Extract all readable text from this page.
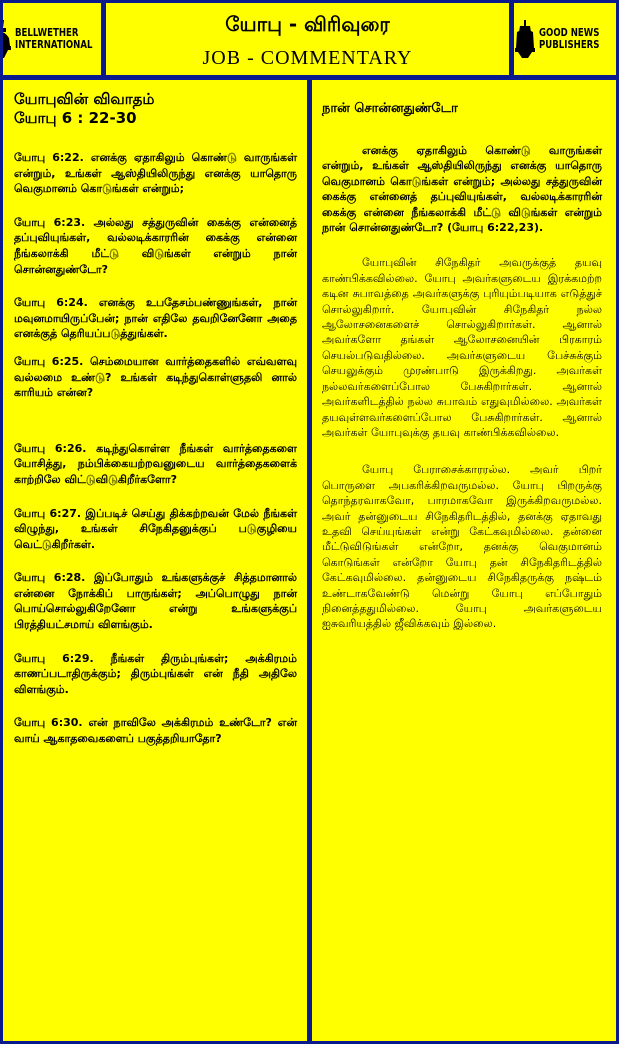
BELLWETHER
INTERNATIONAL
யோபு - விரிவுரை
JOB - COMMENTARY
GOOD NEWS
PUBLISHERS
யோபுவின் விவாதம்
யோபு 6 : 22-30

யோபு 6:22. எனக்கு ஏதாகிலும் கொண்டு வாருங்கள் என்றும், உங்கள் ஆஸ்தியிலிருந்து எனக்கு யாதொரு வெகுமானம் கொடுங்கள் என்றும்;

யோபு 6:23. அல்லது சத்துருவின் கைக்கு என்னைத் தப்புவியுங்கள், வல்லடிக்காரரின் கைக்கு என்னை நீங்கலாக்கி மீட்டு விடுங்கள் என்றும் நான் சொன்னதுண்டோ?

யோபு 6:24. எனக்கு உபதேசம்பண்ணுங்கள், நான் மவுனமாயிருப்பேன்; நான் எதிலே தவறினேனோ அதை எனக்குத் தெரியப்படுத்துங்கள்.

யோபு 6:25. செம்மையான வார்த்தைகளில் எவ்வளவு வல்லமை உண்டு? உங்கள் கடிந்துகொள்ளுதலி னால் காரியம் என்ன?

யோபு 6:26. கடிந்துகொள்ள நீங்கள் வார்த்தைகளை யோசித்து, நம்பிக்கையற்றவனுடைய வார்த்தைகளைக் காற்றிலே விட்டுவிடுகிறீர்களோ?

யோபு 6:27. இப்படிச் செய்து திக்கற்றவன் மேல் நீங்கள் விழுந்து, உங்கள் சிநேகிதனுக்குப் படுகுழியை வெட்டுகிறீர்கள்.

யோபு 6:28. இப்போதும் உங்களுக்குச் சித்தமானால் என்னை நோக்கிப் பாருங்கள்; அப்பொழுது நான் பொய்சொல்லுகிறேனோ என்று உங்களுக்குப் பிரத்தியட்சமாய் விளங்கும்.

யோபு 6:29. நீங்கள் திரும்புங்கள்; அக்கிரமம் காணப்படாதிருக்கும்; திரும்புங்கள் என் நீதி அதிலே விளங்கும்.

யோபு 6:30. என் நாவிலே அக்கிரமம் உண்டோ? என் வாய் ஆகாதவைகளைப் பகுத்தறியாதோ?

நான் சொன்னதுண்டோ

எனக்கு ஏதாகிலும் கொண்டு வாருங்கள் என்றும், உங்கள் ஆஸ்தியிலிருந்து எனக்கு யாதொரு வெகுமானம் கொடுங்கள் என்றும்; அல்லது சத்துருவின் கைக்கு என்னைத் தப்புவியுங்கள், வல்லடிக்காரரின் கைக்கு என்னை நீங்கலாக்கி மீட்டு விடுங்கள் என்றும் நான் சொன்னதுண்டோ? (யோபு 6:22,23).

யோபுவின் சிநேகிதர் அவருக்குத் தயவு காண்பிக்கவில்லை. யோபு அவர்களுடைய இரக்கமற்ற கடின சுபாவத்தை அவர்களுக்கு புரியும்படியாக எடுத்துச் சொல்லுகிறார். யோபுவின் சிநேகிதர் நல்ல ஆலோசனைகளைச் சொல்லுகிறார்கள். ஆனால் அவர்களோ தங்கள் ஆலோசனையின் பிரகாரம் செயல்படுவதில்லை. அவர்களுடைய பேச்சுக்கும் செயலுக்கும் முரண்பாடு இருக்கிறது. அவர்கள் நல்லவர்களைப்போல பேசுகிறார்கள். ஆனால் அவர்களிடத்தில் நல்ல சுபாவம் எதுவுமில்லை. அவர்கள் தயவுள்ளவர்களைப்போல பேசுகிறார்கள். ஆனால் அவர்கள் யோபுவுக்கு தயவு காண்பிக்கவில்லை.

யோபு பேராசைக்காரரல்ல. அவர் பிறர் பொருளை அபகரிக்கிறவருமல்ல. யோபு பிறருக்கு தொந்தரவாகவோ, பாரமாகவோ இருக்கிறவருமல்ல. அவர் தன்னுடைய சிநேகிதரிடத்தில், தனக்கு ஏதாவது உதவி செய்யுங்கள் என்று கேட்கவுமில்லை. தன்னை மீட்டுவிடுங்கள் என்றோ, தனக்கு வெகுமானம் கொடுங்கள் என்றோ யோபு தன் சிநேகிதரிடத்தில் கேட்கவுமில்லை. தன்னுடைய சிநேகிதருக்கு நஷ்டம் உண்டாகவேண்டு மென்று யோபு எப்போதும் நினைத்ததுமில்லை. யோபு அவர்களுடைய ஐசுவரியத்தில் ஜீவிக்கவும் இல்லை.
